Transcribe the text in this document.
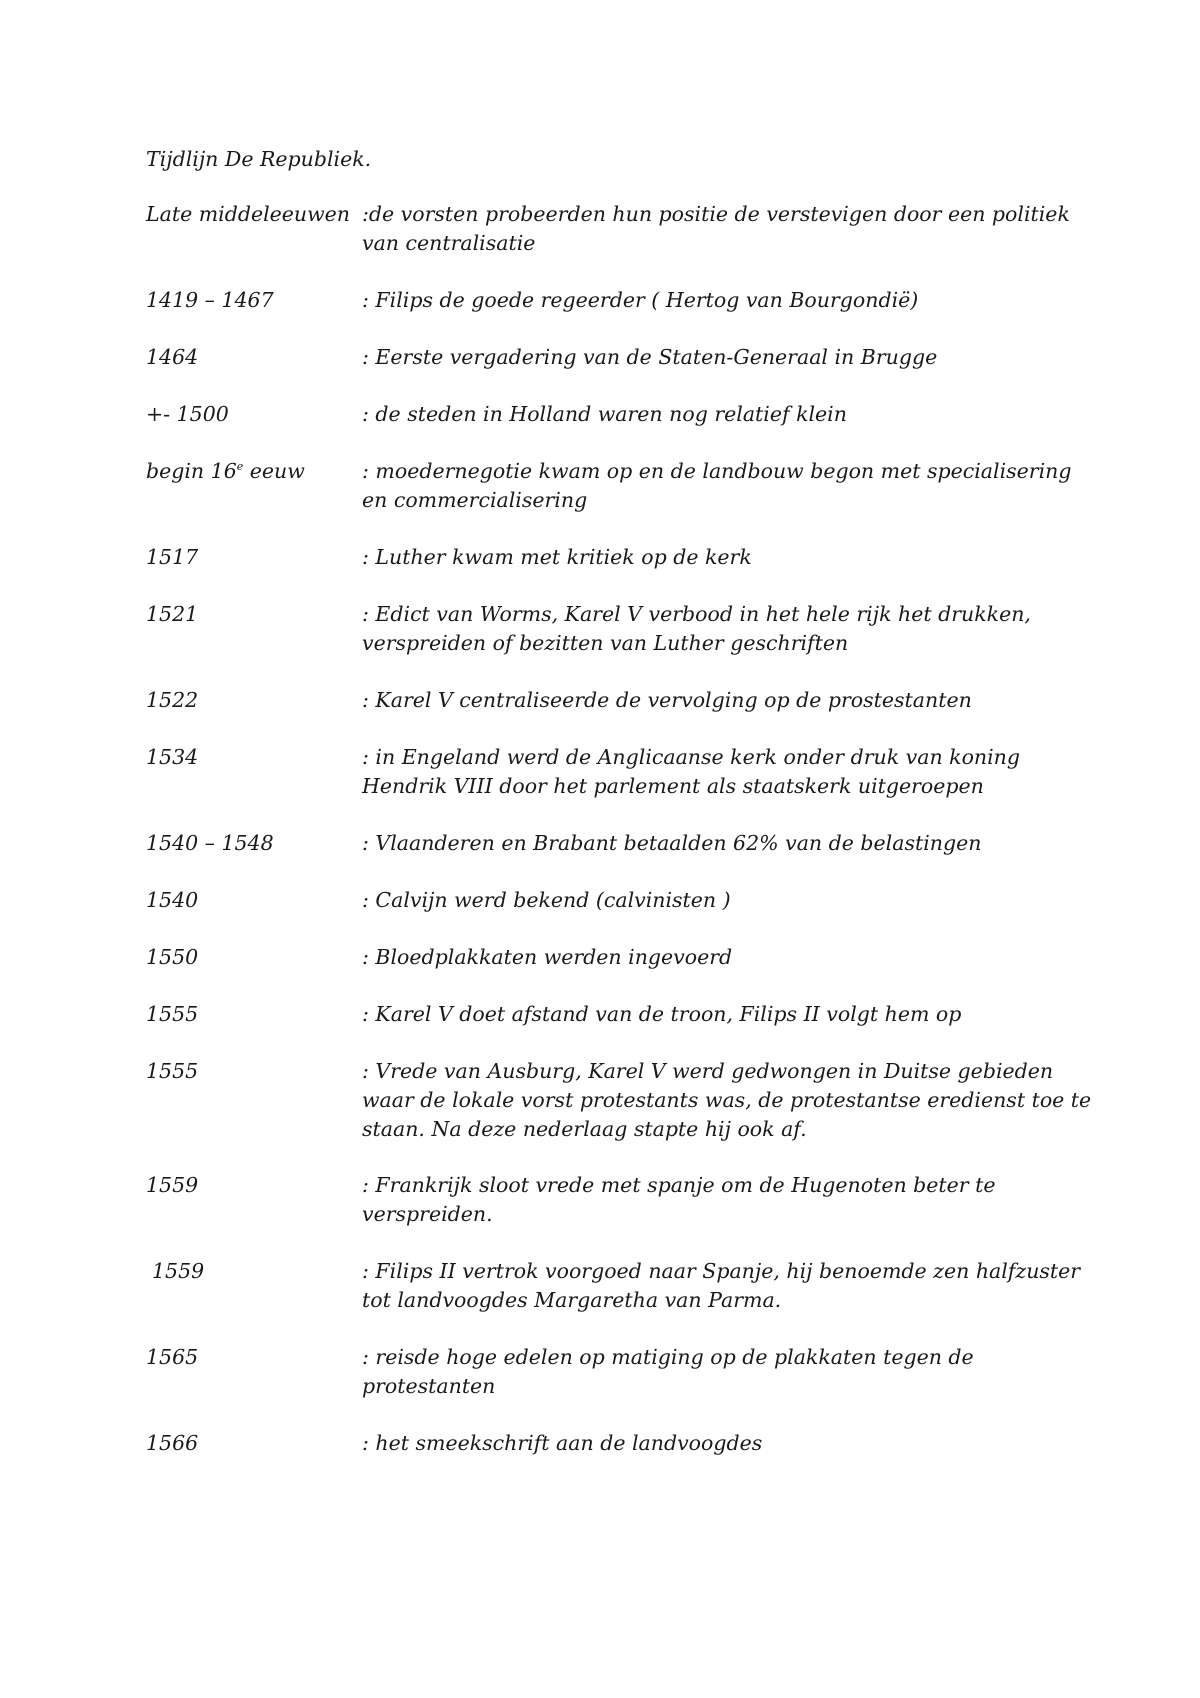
Tijdlijn De Republiek.
Late middeleeuwen :de vorsten probeerden hun positie de verstevigen door een politiek
van centralisatie
1419 – 1467	: Filips de goede regeerder ( Hertog van Bourgondië)
1464	: Eerste vergadering van de Staten-Generaal in Brugge
+- 1500	: de steden in Holland waren nog relatief klein
begin 16e eeuw	: moedernegotie kwam op en de landbouw begon met specialisering
en commercialisering
1517	: Luther kwam met kritiek op de kerk
1521	: Edict van Worms, Karel V verbood in het hele rijk het drukken,
verspreiden of bezitten van Luther geschriften
1522	: Karel V centraliseerde de vervolging op de prostestanten
1534	: in Engeland werd de Anglicaanse kerk onder druk van koning
Hendrik VIII door het parlement als staatskerk uitgeroepen
1540 – 1548	: Vlaanderen en Brabant betaalden 62% van de belastingen
1540	: Calvijn werd bekend (calvinisten )
1550	: Bloedplakkaten werden ingevoerd
1555	: Karel V doet afstand van de troon, Filips II volgt hem op
1555	: Vrede van Ausburg, Karel V werd gedwongen in Duitse gebieden
waar de lokale vorst protestants was, de protestantse eredienst toe te
staan. Na deze nederlaag stapte hij ook af.
1559	: Frankrijk sloot vrede met spanje om de Hugenoten beter te
verspreiden.
1559	: Filips II vertrok voorgoed naar Spanje, hij benoemde zen halfzuster
tot landvoogdes Margaretha van Parma.
1565	: reisde hoge edelen op matiging op de plakkaten tegen de
protestanten
1566	: het smeekschrift aan de landvoogdes
